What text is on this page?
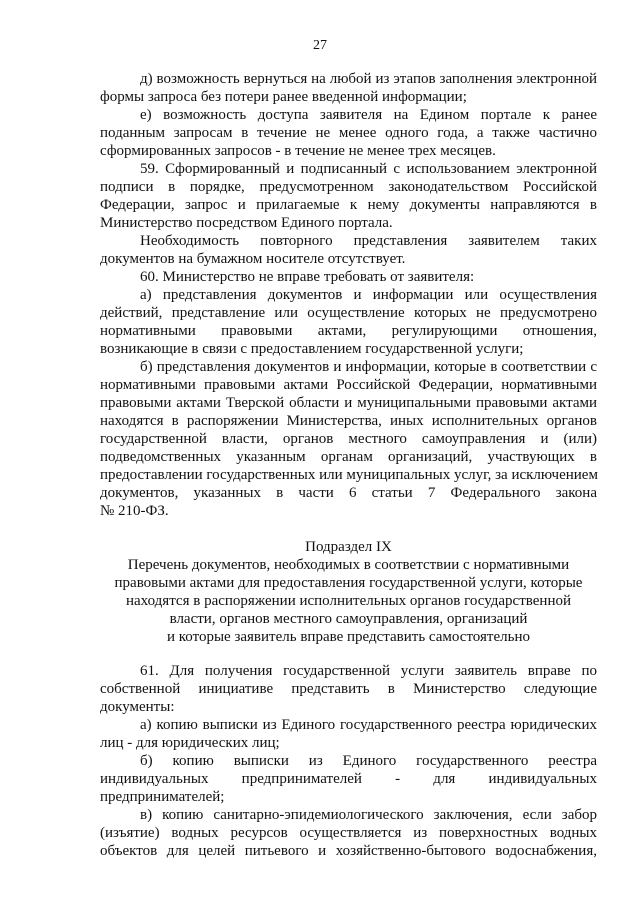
27
д) возможность вернуться на любой из этапов заполнения электронной
формы запроса без потери ранее введенной информации;
е) возможность доступа заявителя на Едином портале к ранее
поданным запросам в течение не менее одного года, а также частично
сформированных запросов - в течение не менее трех месяцев.
59. Сформированный и подписанный с использованием электронной
подписи в порядке, предусмотренном законодательством Российской
Федерации, запрос и прилагаемые к нему документы направляются в
Министерство посредством Единого портала.
Необходимость повторного представления заявителем таких
документов на бумажном носителе отсутствует.
60. Министерство не вправе требовать от заявителя:
а) представления документов и информации или осуществления
действий, представление или осуществление которых не предусмотрено
нормативными правовыми актами, регулирующими отношения,
возникающие в связи с предоставлением государственной услуги;
б) представления документов и информации, которые в соответствии с
нормативными правовыми актами Российской Федерации, нормативными
правовыми актами Тверской области и муниципальными правовыми актами
находятся в распоряжении Министерства, иных исполнительных органов
государственной власти, органов местного самоуправления и (или)
подведомственных указанным органам организаций, участвующих в
предоставлении государственных или муниципальных услуг, за исключением
документов, указанных в части 6 статьи 7 Федерального закона
№ 210-ФЗ.
Подраздел IX
Перечень документов, необходимых в соответствии с нормативными
правовыми актами для предоставления государственной услуги, которые
находятся в распоряжении исполнительных органов государственной
власти, органов местного самоуправления, организаций
и которые заявитель вправе представить самостоятельно
61. Для получения государственной услуги заявитель вправе по
собственной инициативе представить в Министерство следующие
документы:
а) копию выписки из Единого государственного реестра юридических
лиц - для юридических лиц;
б) копию выписки из Единого государственного реестра
индивидуальных предпринимателей - для индивидуальных
предпринимателей;
в) копию санитарно-эпидемиологического заключения, если забор
(изъятие) водных ресурсов осуществляется из поверхностных водных
объектов для целей питьевого и хозяйственно-бытового водоснабжения,
